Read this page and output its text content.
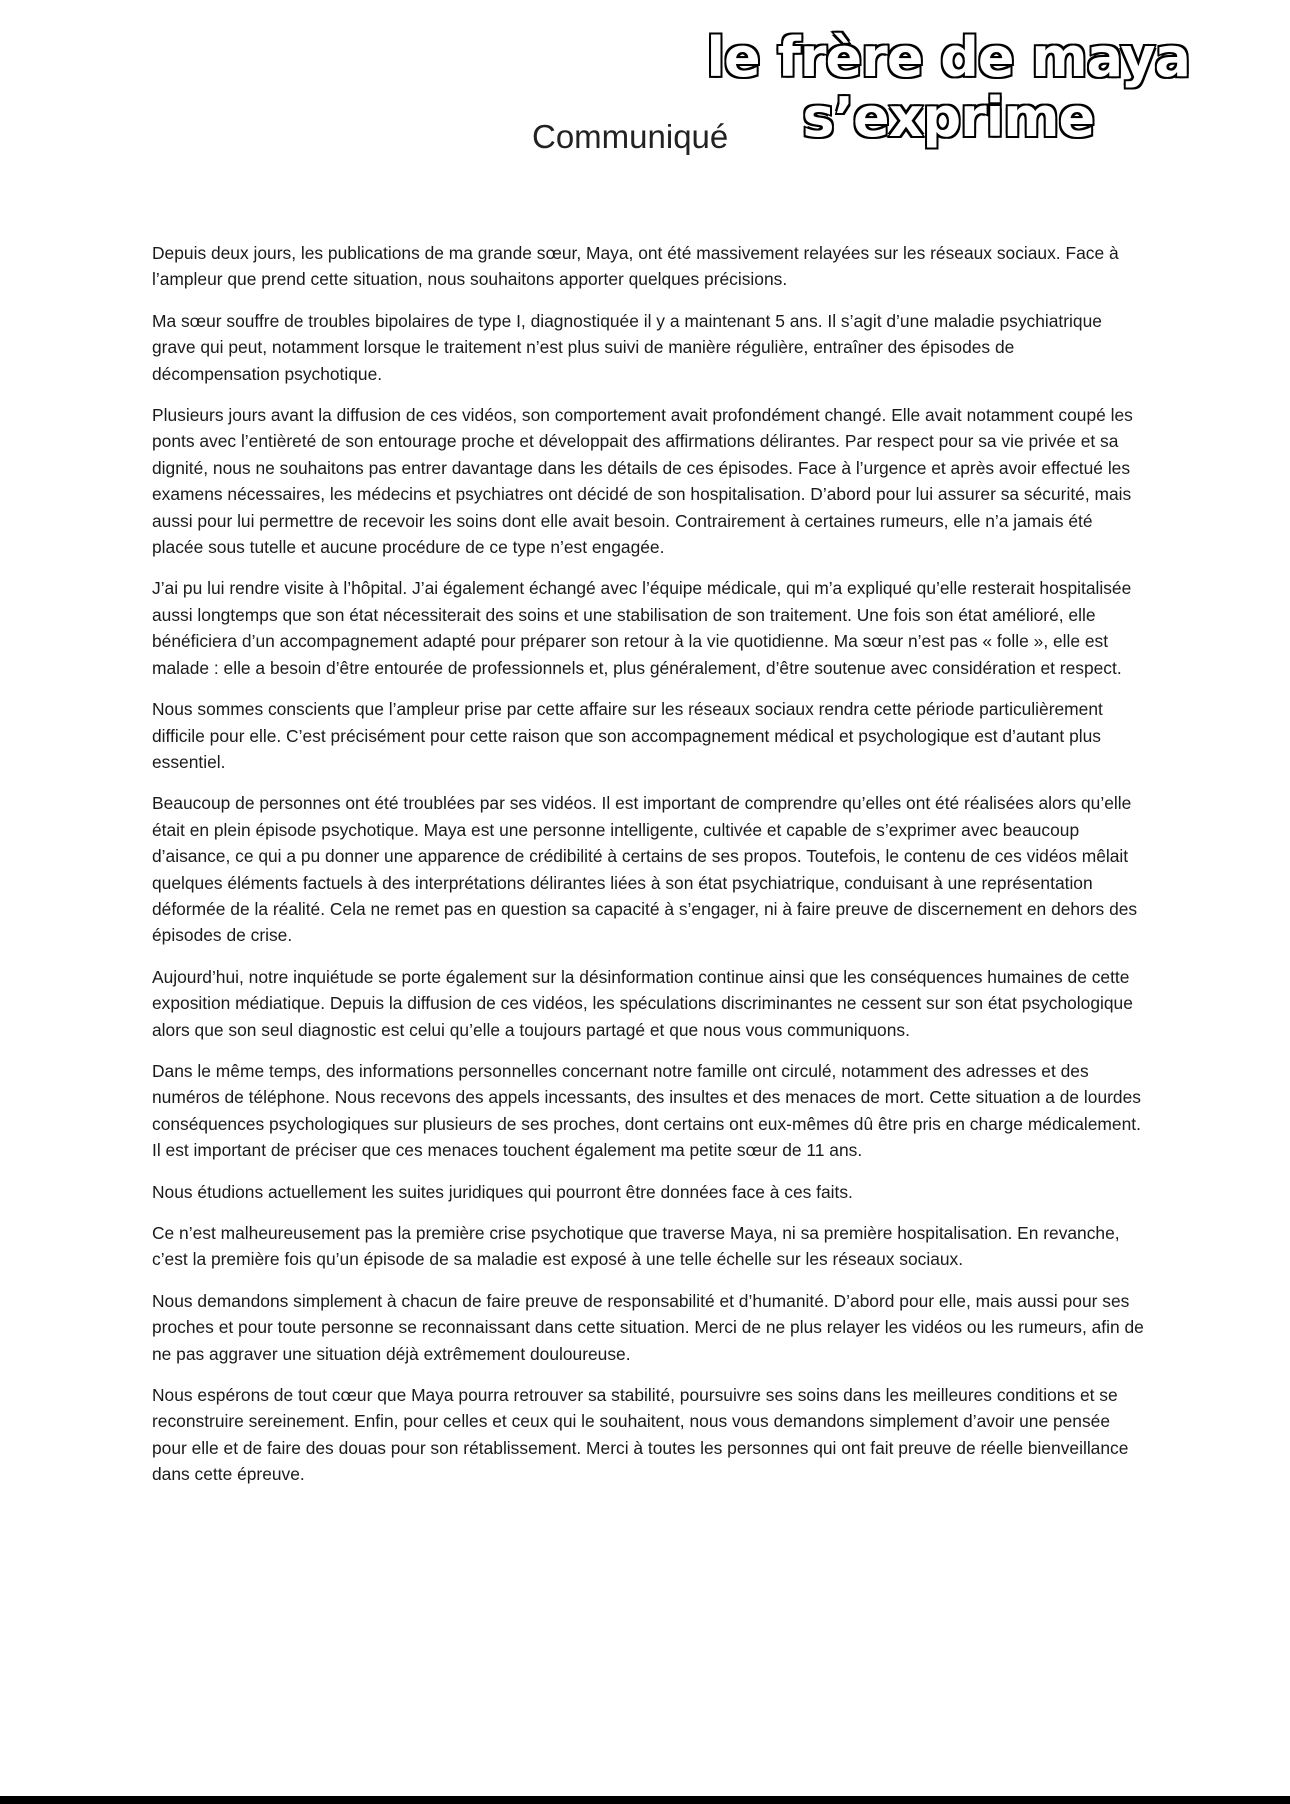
le frère de maya
s’exprime
Communiqué

Depuis deux jours, les publications de ma grande sœur, Maya, ont été massivement relayées sur les réseaux sociaux. Face à l’ampleur que prend cette situation, nous souhaitons apporter quelques précisions.

Ma sœur souffre de troubles bipolaires de type I, diagnostiquée il y a maintenant 5 ans. Il s’agit d’une maladie psychiatrique grave qui peut, notamment lorsque le traitement n’est plus suivi de manière régulière, entraîner des épisodes de décompensation psychotique.

Plusieurs jours avant la diffusion de ces vidéos, son comportement avait profondément changé. Elle avait notamment coupé les ponts avec l’entièreté de son entourage proche et développait des affirmations délirantes. Par respect pour sa vie privée et sa dignité, nous ne souhaitons pas entrer davantage dans les détails de ces épisodes. Face à l’urgence et après avoir effectué les examens nécessaires, les médecins et psychiatres ont décidé de son hospitalisation. D’abord pour lui assurer sa sécurité, mais aussi pour lui permettre de recevoir les soins dont elle avait besoin. Contrairement à certaines rumeurs, elle n’a jamais été placée sous tutelle et aucune procédure de ce type n’est engagée.

J’ai pu lui rendre visite à l’hôpital. J’ai également échangé avec l’équipe médicale, qui m’a expliqué qu’elle resterait hospitalisée aussi longtemps que son état nécessiterait des soins et une stabilisation de son traitement. Une fois son état amélioré, elle bénéficiera d’un accompagnement adapté pour préparer son retour à la vie quotidienne. Ma sœur n’est pas « folle », elle est malade : elle a besoin d’être entourée de professionnels et, plus généralement, d’être soutenue avec considération et respect.

Nous sommes conscients que l’ampleur prise par cette affaire sur les réseaux sociaux rendra cette période particulièrement difficile pour elle. C’est précisément pour cette raison que son accompagnement médical et psychologique est d’autant plus essentiel.

Beaucoup de personnes ont été troublées par ses vidéos. Il est important de comprendre qu’elles ont été réalisées alors qu’elle était en plein épisode psychotique. Maya est une personne intelligente, cultivée et capable de s’exprimer avec beaucoup d’aisance, ce qui a pu donner une apparence de crédibilité à certains de ses propos. Toutefois, le contenu de ces vidéos mêlait quelques éléments factuels à des interprétations délirantes liées à son état psychiatrique, conduisant à une représentation déformée de la réalité. Cela ne remet pas en question sa capacité à s’engager, ni à faire preuve de discernement en dehors des épisodes de crise.

Aujourd’hui, notre inquiétude se porte également sur la désinformation continue ainsi que les conséquences humaines de cette exposition médiatique. Depuis la diffusion de ces vidéos, les spéculations discriminantes ne cessent sur son état psychologique alors que son seul diagnostic est celui qu’elle a toujours partagé et que nous vous communiquons.

Dans le même temps, des informations personnelles concernant notre famille ont circulé, notamment des adresses et des numéros de téléphone. Nous recevons des appels incessants, des insultes et des menaces de mort. Cette situation a de lourdes conséquences psychologiques sur plusieurs de ses proches, dont certains ont eux-mêmes dû être pris en charge médicalement. Il est important de préciser que ces menaces touchent également ma petite sœur de 11 ans.

Nous étudions actuellement les suites juridiques qui pourront être données face à ces faits.

Ce n’est malheureusement pas la première crise psychotique que traverse Maya, ni sa première hospitalisation. En revanche, c’est la première fois qu’un épisode de sa maladie est exposé à une telle échelle sur les réseaux sociaux.

Nous demandons simplement à chacun de faire preuve de responsabilité et d’humanité. D’abord pour elle, mais aussi pour ses proches et pour toute personne se reconnaissant dans cette situation. Merci de ne plus relayer les vidéos ou les rumeurs, afin de ne pas aggraver une situation déjà extrêmement douloureuse.

Nous espérons de tout cœur que Maya pourra retrouver sa stabilité, poursuivre ses soins dans les meilleures conditions et se reconstruire sereinement. Enfin, pour celles et ceux qui le souhaitent, nous vous demandons simplement d’avoir une pensée pour elle et de faire des douas pour son rétablissement. Merci à toutes les personnes qui ont fait preuve de réelle bienveillance dans cette épreuve.
